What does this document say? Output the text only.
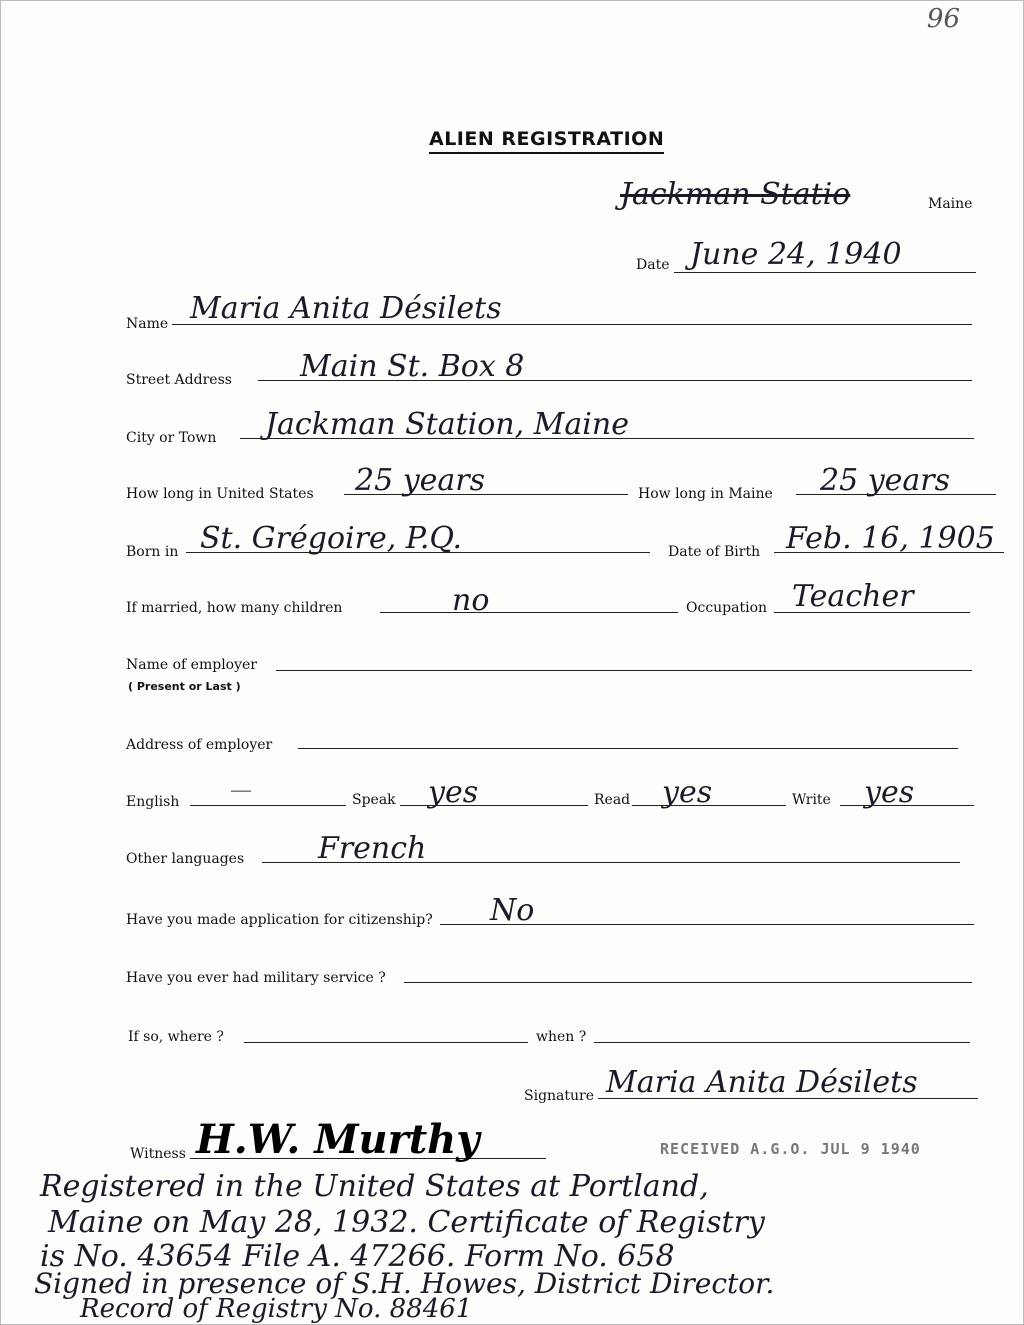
96
ALIEN REGISTRATION
Jackman Statio	Maine
Date June 24, 1940
Name Maria Anita Désilets
Street Address Main St. Box 8
City or Town Jackman Station, Maine
How long in United States 25 years	How long in Maine 25 years
Born in St. Grégoire, P.Q.	Date of Birth Feb. 16, 1905
If married, how many children	no	Occupation Teacher
Name of employer
( Present or Last )
Address of employer
English —	Speak yes	Read yes	Write yes
Other languages French
Have you made application for citizenship? No
Have you ever had military service ?
If so, where ?	when ?
Signature Maria Anita Désilets
Witness H.W. Murthy	RECEIVED A.G.O. JUL 9 1940
Registered in the United States at Portland,
Maine on May 28, 1932. Certificate of Registry
is No. 43654 File A. 47266. Form No. 658
Signed in presence of S.H. Howes, District Director.
Record of Registry No. 88461
